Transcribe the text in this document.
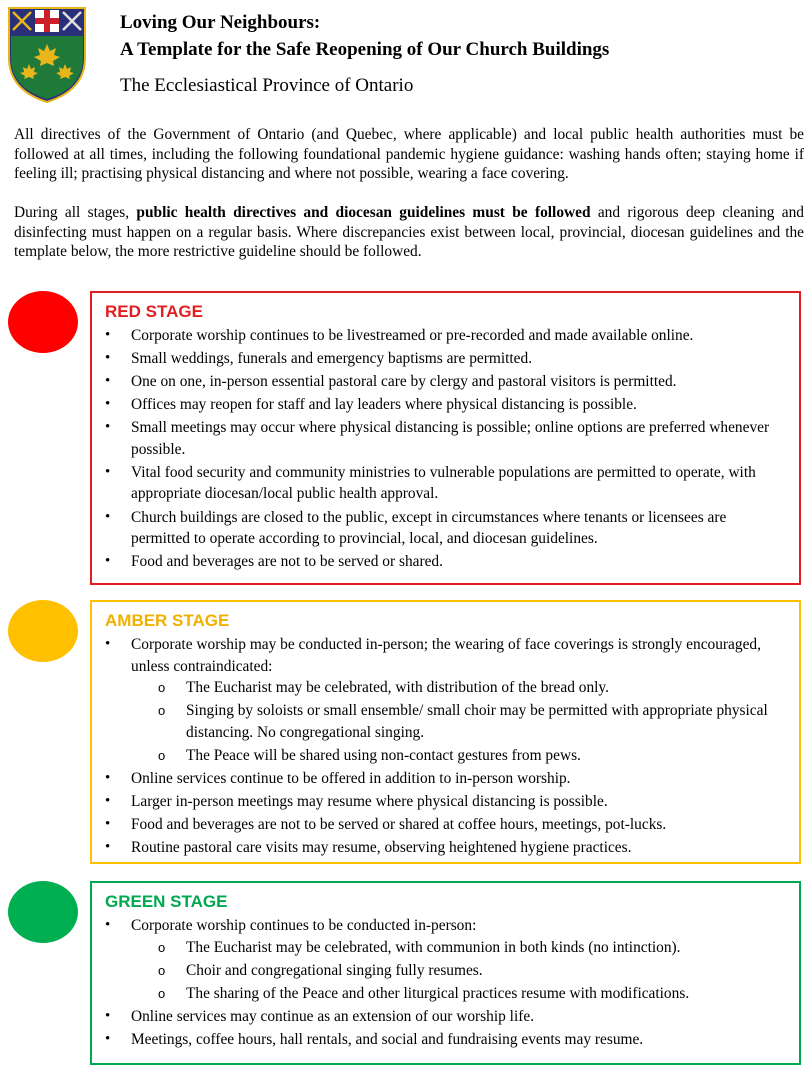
Loving Our Neighbours:
A Template for the Safe Reopening of Our Church Buildings
The Ecclesiastical Province of Ontario

All directives of the Government of Ontario (and Quebec, where applicable) and local public health authorities must be followed at all times, including the following foundational pandemic hygiene guidance: washing hands often; staying home if feeling ill; practising physical distancing and where not possible, wearing a face covering.

During all stages, public health directives and diocesan guidelines must be followed and rigorous deep cleaning and disinfecting must happen on a regular basis. Where discrepancies exist between local, provincial, diocesan guidelines and the template below, the more restrictive guideline should be followed.

RED STAGE
• Corporate worship continues to be livestreamed or pre-recorded and made available online.
• Small weddings, funerals and emergency baptisms are permitted.
• One on one, in-person essential pastoral care by clergy and pastoral visitors is permitted.
• Offices may reopen for staff and lay leaders where physical distancing is possible.
• Small meetings may occur where physical distancing is possible; online options are preferred whenever possible.
• Vital food security and community ministries to vulnerable populations are permitted to operate, with appropriate diocesan/local public health approval.
• Church buildings are closed to the public, except in circumstances where tenants or licensees are permitted to operate according to provincial, local, and diocesan guidelines.
• Food and beverages are not to be served or shared.
AMBER STAGE
• Corporate worship may be conducted in-person; the wearing of face coverings is strongly encouraged, unless contraindicated:
o The Eucharist may be celebrated, with distribution of the bread only.
o Singing by soloists or small ensemble/ small choir may be permitted with appropriate physical distancing. No congregational singing.
o The Peace will be shared using non-contact gestures from pews.
• Online services continue to be offered in addition to in-person worship.
• Larger in-person meetings may resume where physical distancing is possible.
• Food and beverages are not to be served or shared at coffee hours, meetings, pot-lucks.
• Routine pastoral care visits may resume, observing heightened hygiene practices.
GREEN STAGE
• Corporate worship continues to be conducted in-person:
o The Eucharist may be celebrated, with communion in both kinds (no intinction).
o Choir and congregational singing fully resumes.
o The sharing of the Peace and other liturgical practices resume with modifications.
• Online services may continue as an extension of our worship life.
• Meetings, coffee hours, hall rentals, and social and fundraising events may resume.
